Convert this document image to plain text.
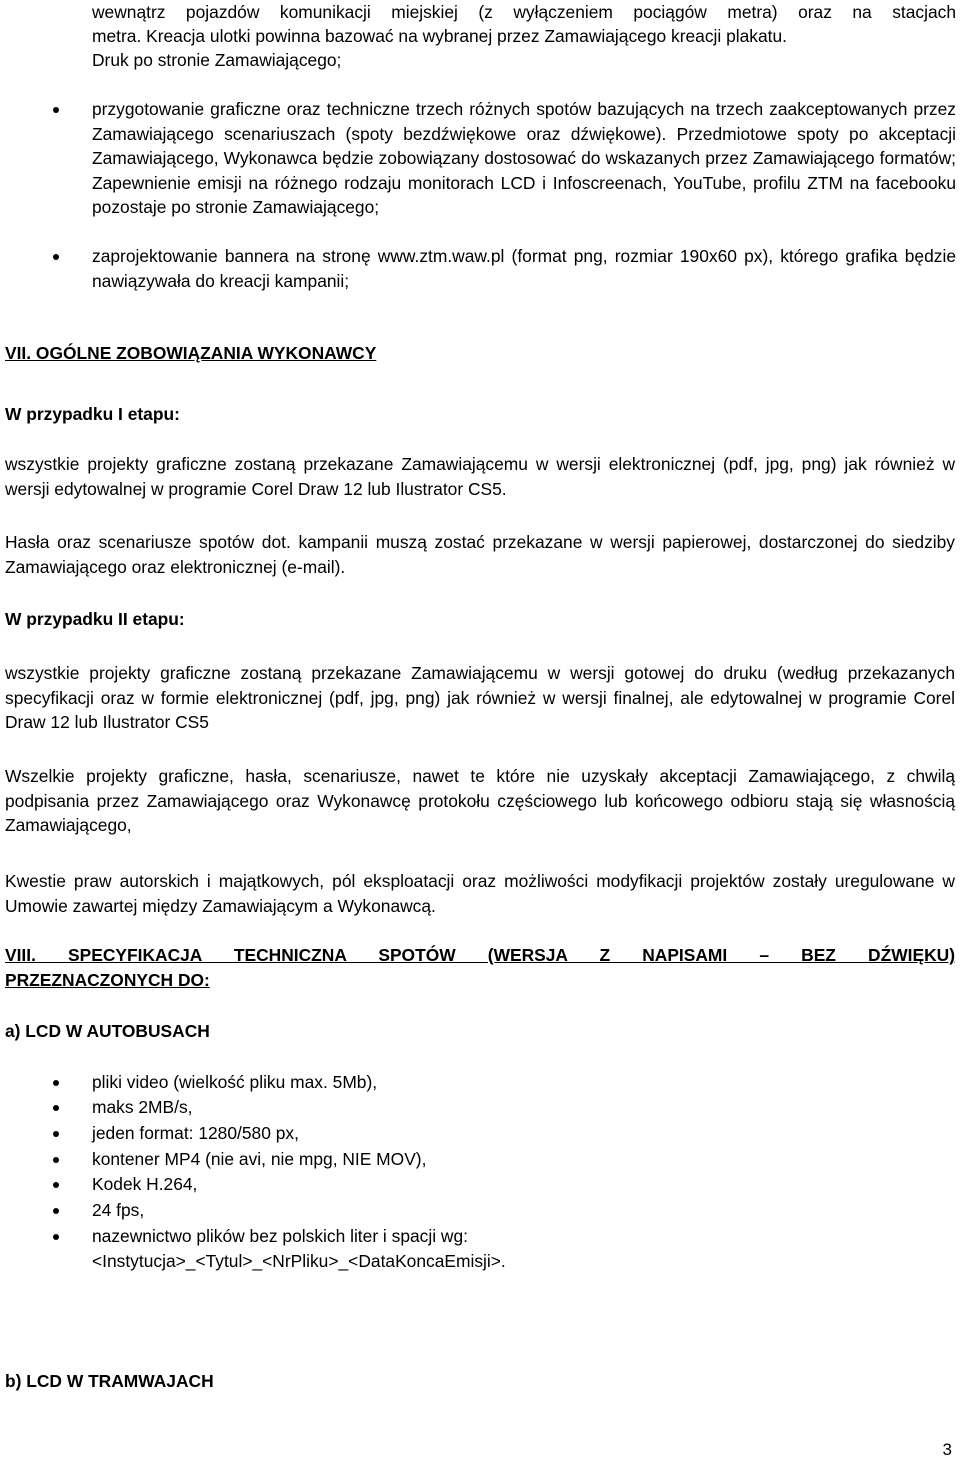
wewnątrz pojazdów komunikacji miejskiej (z wyłączeniem pociągów metra) oraz na stacjach
metra. Kreacja ulotki powinna bazować na wybranej przez Zamawiającego kreacji plakatu.
Druk po stronie Zamawiającego;
przygotowanie graficzne oraz techniczne trzech różnych spotów bazujących na trzech zaakceptowanych przez Zamawiającego scenariuszach (spoty bezdźwiękowe oraz dźwiękowe). Przedmiotowe spoty po akceptacji Zamawiającego, Wykonawca będzie zobowiązany dostosować do wskazanych przez Zamawiającego formatów; Zapewnienie emisji na różnego rodzaju monitorach LCD i Infoscreenach, YouTube, profilu ZTM na facebooku pozostaje po stronie Zamawiającego;
zaprojektowanie bannera na stronę www.ztm.waw.pl (format png, rozmiar 190x60 px), którego grafika będzie nawiązywała do kreacji kampanii;
VII. OGÓLNE ZOBOWIĄZANIA WYKONAWCY
W przypadku I etapu:
wszystkie projekty graficzne zostaną przekazane Zamawiającemu w wersji elektronicznej (pdf, jpg, png) jak również w wersji edytowalnej w programie Corel Draw 12 lub Ilustrator CS5.
Hasła oraz scenariusze spotów dot. kampanii muszą zostać przekazane w wersji papierowej, dostarczonej do siedziby Zamawiającego oraz elektronicznej (e-mail).
W przypadku II etapu:
wszystkie projekty graficzne zostaną przekazane Zamawiającemu w wersji gotowej do druku (według przekazanych specyfikacji oraz w formie elektronicznej (pdf, jpg, png) jak również w wersji finalnej, ale edytowalnej w programie Corel Draw 12 lub Ilustrator CS5
Wszelkie projekty graficzne, hasła, scenariusze, nawet te które nie uzyskały akceptacji Zamawiającego, z chwilą podpisania przez Zamawiającego oraz Wykonawcę protokołu częściowego lub końcowego odbioru stają się własnością Zamawiającego,
Kwestie praw autorskich i majątkowych, pól eksploatacji oraz możliwości modyfikacji projektów zostały uregulowane w Umowie zawartej między Zamawiającym a Wykonawcą.
VIII. SPECYFIKACJA TECHNICZNA SPOTÓW (WERSJA Z NAPISAMI – BEZ DŹWIĘKU)
PRZEZNACZONYCH DO:
a) LCD W AUTOBUSACH
pliki video (wielkość pliku max. 5Mb),
maks 2MB/s,
jeden format: 1280/580 px,
kontener MP4 (nie avi, nie mpg, NIE MOV),
Kodek H.264,
24 fps,
nazewnictwo plików bez polskich liter i spacji wg:
<Instytucja>_<Tytul>_<NrPliku>_<DataKoncaEmisji>.
b) LCD W TRAMWAJACH
3
